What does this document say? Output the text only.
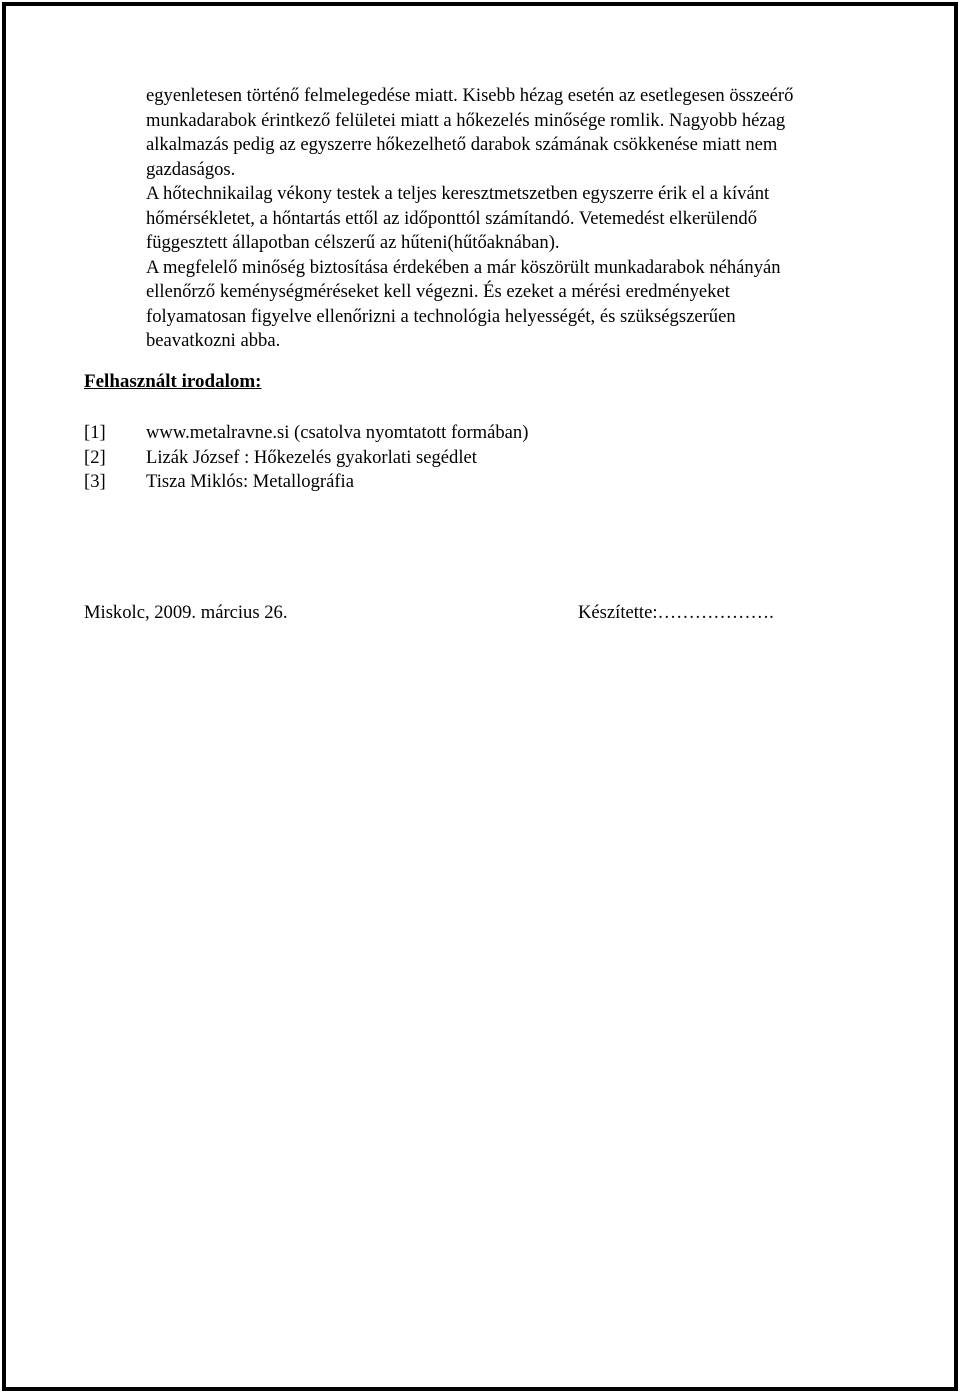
egyenletesen történő felmelegedése miatt. Kisebb hézag esetén az esetlegesen összeérő
munkadarabok érintkező felületei miatt a hőkezelés minősége romlik. Nagyobb hézag
alkalmazás pedig az egyszerre hőkezelhető darabok számának csökkenése miatt nem
gazdaságos.
A hőtechnikailag vékony testek a teljes keresztmetszetben egyszerre érik el a kívánt
hőmérsékletet, a hőntartás ettől az időponttól számítandó. Vetemedést elkerülendő
függesztett állapotban célszerű az hűteni(hűtőaknában).
A megfelelő minőség biztosítása érdekében a már köszörült munkadarabok néhányán
ellenőrző keménységméréseket kell végezni. És ezeket a mérési eredményeket
folyamatosan figyelve ellenőrizni a technológia helyességét, és szükségszerűen
beavatkozni abba.
Felhasznált irodalom:
[1] www.metalravne.si (csatolva nyomtatott formában)
[2] Lizák József : Hőkezelés gyakorlati segédlet
[3] Tisza Miklós: Metallográfia
Miskolc, 2009. március 26.	Készítette:……………….
